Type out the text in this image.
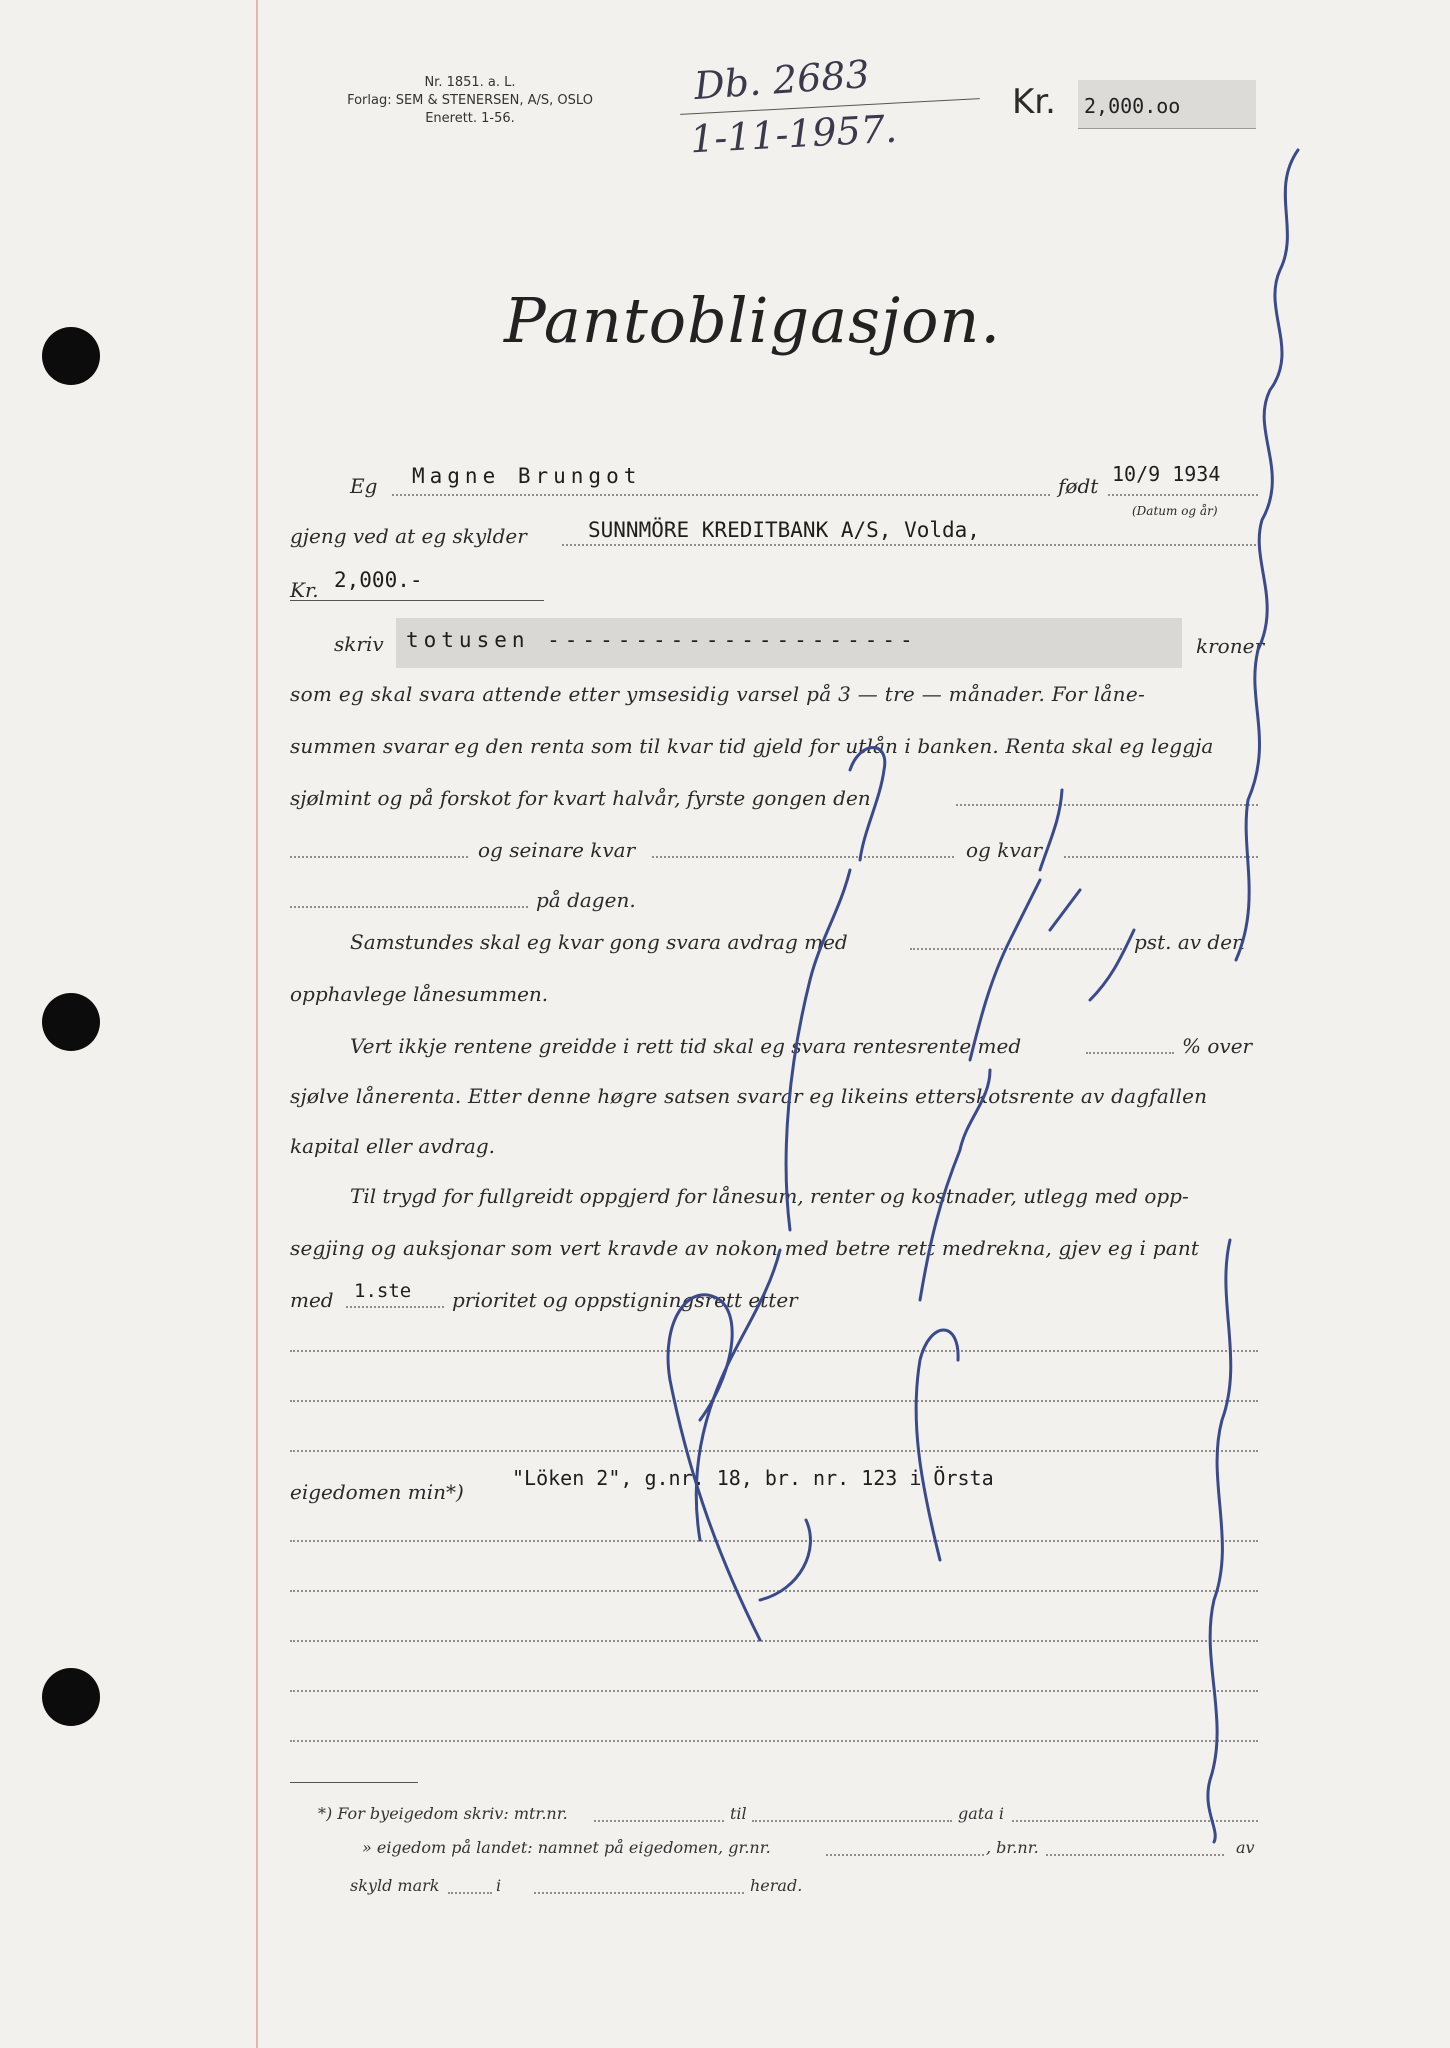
Nr. 1851. a. L.
Forlag: SEM & STENERSEN, A/S, OSLO
Enerett. 1-56.
Db. 2683
1-11-1957.
Kr. 2,000.oo
Pantobligasjon.
Eg Magne Brungot	født 10/9 1934
(Datum og år)
gjeng ved at eg skylder	SUNNMÖRE KREDITBANK A/S, Volda,
Kr. 2,000.-
skriv totusen ---------------------	kroner
som eg skal svara attende etter ymsesidig varsel på 3 — tre — månader. For låne-
summen svarar eg den renta som til kvar tid gjeld for utlån i banken. Renta skal eg leggja
sjølmint og på forskot for kvart halvår, fyrste gongen den
og seinare kvar	og kvar
på dagen.
Samstundes skal eg kvar gong svara avdrag med	pst. av den
opphavlege lånesummen.
Vert ikkje rentene greidde i rett tid skal eg svara rentesrente med	% over
sjølve lånerenta. Etter denne høgre satsen svarar eg likeins etterskotsrente av dagfallen
kapital eller avdrag.
Til trygd for fullgreidt oppgjerd for lånesum, renter og kostnader, utlegg med opp-
segjing og auksjonar som vert kravde av nokon med betre rett medrekna, gjev eg i pant
med 1.ste prioritet og oppstigningsrett etter
eigedomen min*)
"Löken 2", g.nr. 18, br. nr. 123 i Örsta
*) For byeigedom skriv: mtr.nr.	til	gata i
» eigedom på landet: namnet på eigedomen, gr.nr.	, br.nr.	av
skyld mark	i	herad.
